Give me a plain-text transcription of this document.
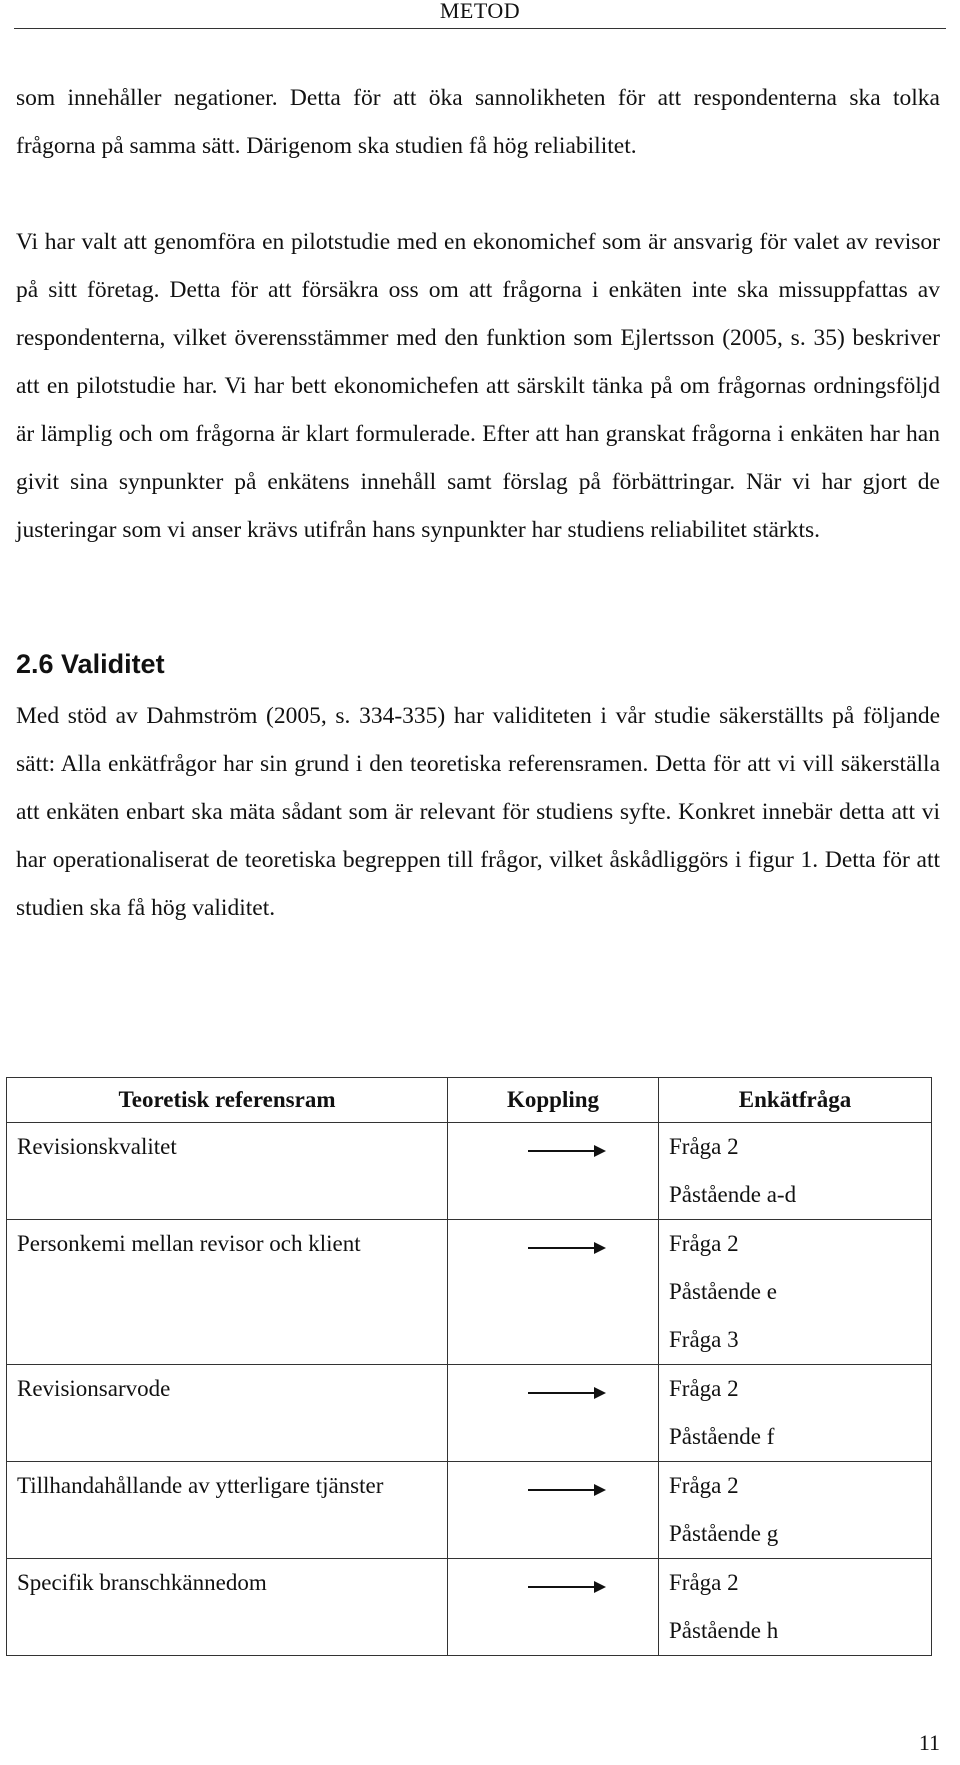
METOD

som innehåller negationer. Detta för att öka sannolikheten för att respondenterna ska tolka frågorna på samma sätt. Därigenom ska studien få hög reliabilitet.

Vi har valt att genomföra en pilotstudie med en ekonomichef som är ansvarig för valet av revisor på sitt företag. Detta för att försäkra oss om att frågorna i enkäten inte ska missuppfattas av respondenterna, vilket överensstämmer med den funktion som Ejlertsson (2005, s. 35) beskriver att en pilotstudie har. Vi har bett ekonomichefen att särskilt tänka på om frågornas ordningsföljd är lämplig och om frågorna är klart formulerade. Efter att han granskat frågorna i enkäten har han givit sina synpunkter på enkätens innehåll samt förslag på förbättringar. När vi har gjort de justeringar som vi anser krävs utifrån hans synpunkter har studiens reliabilitet stärkts.

2.6 Validitet

Med stöd av Dahmström (2005, s. 334-335) har validiteten i vår studie säkerställts på följande sätt: Alla enkätfrågor har sin grund i den teoretiska referensramen. Detta för att vi vill säkerställa att enkäten enbart ska mäta sådant som är relevant för studiens syfte. Konkret innebär detta att vi har operationaliserat de teoretiska begreppen till frågor, vilket åskådliggörs i figur 1. Detta för att studien ska få hög validitet.

Teoretisk referensram	Koppling	Enkätfråga
Revisionskvalitet		Fråga 2
Påstående a-d

Personkemi mellan revisor och klient		Fråga 2
Påstående e
Fråga 3

Revisionsarvode		Fråga 2
Påstående f

Tillhandahållande av ytterligare tjänster		Fråga 2
Påstående g

Specifik branschkännedom		Fråga 2
Påstående h
11
